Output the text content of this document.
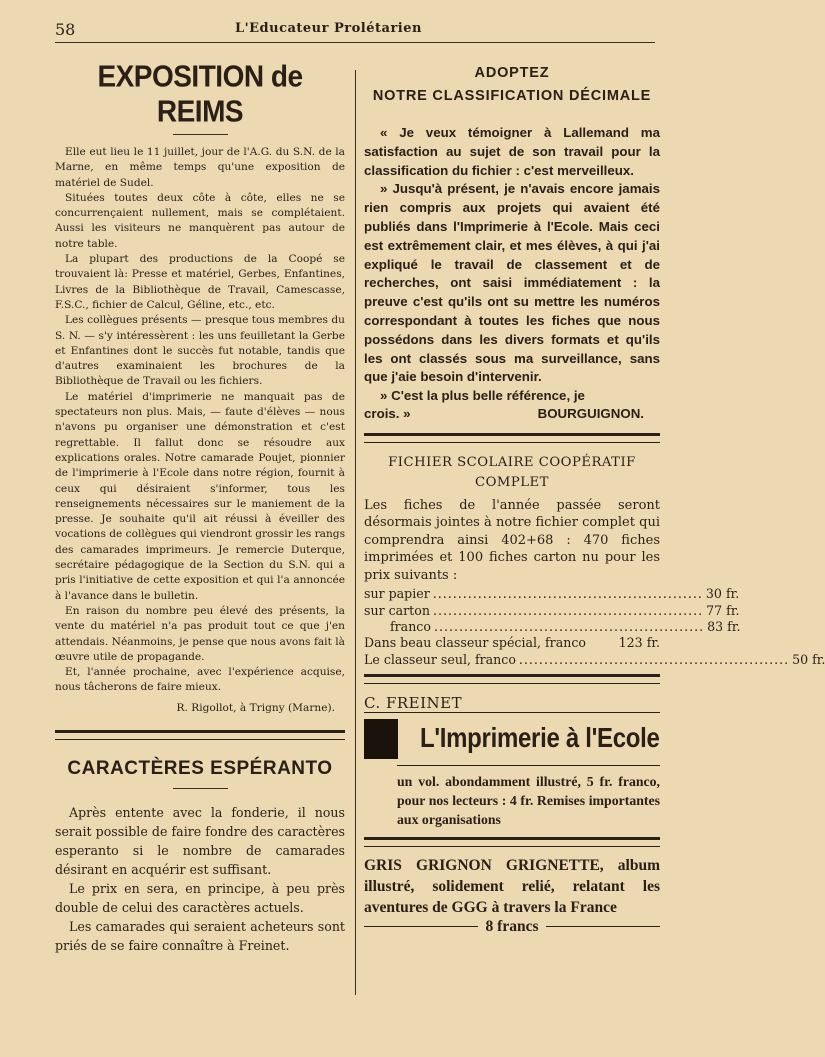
58	L'Educateur Prolétarien
EXPOSITION de REIMS

Elle eut lieu le 11 juillet, jour de l'A.G. du S.N. de la Marne, en même temps qu'une exposition de matériel de Sudel.

Situées toutes deux côte à côte, elles ne se concurrençaient nullement, mais se complétaient. Aussi les visiteurs ne manquèrent pas autour de notre table.

La plupart des productions de la Coopé se trouvaient là: Presse et matériel, Gerbes, Enfantines, Livres de la Bibliothèque de Travail, Camescasse, F.S.C., fichier de Calcul, Géline, etc., etc.

Les collègues présents — presque tous membres du S. N. — s'y intéressèrent : les uns feuilletant la Gerbe et Enfantines dont le succès fut notable, tandis que d'autres examinaient les brochures de la Bibliothèque de Travail ou les fichiers.

Le matériel d'imprimerie ne manquait pas de spectateurs non plus. Mais, — faute d'élèves — nous n'avons pu organiser une démonstration et c'est regrettable. Il fallut donc se résoudre aux explications orales. Notre camarade Poujet, pionnier de l'imprimerie à l'Ecole dans notre région, fournit à ceux qui désiraient s'informer, tous les renseignements nécessaires sur le maniement de la presse. Je souhaite qu'il ait réussi à éveiller des vocations de collègues qui viendront grossir les rangs des camarades imprimeurs. Je remercie Duterque, secrétaire pédagogique de la Section du S.N. qui a pris l'initiative de cette exposition et qui l'a annoncée à l'avance dans le bulletin.

En raison du nombre peu élevé des présents, la vente du matériel n'a pas produit tout ce que j'en attendais. Néanmoins, je pense que nous avons fait là œuvre utile de propagande.

Et, l'année prochaine, avec l'expérience acquise, nous tâcherons de faire mieux.

R. Rigollot, à Trigny (Marne).
CARACTÈRES ESPÉRANTO

Après entente avec la fonderie, il nous serait possible de faire fondre des caractères esperanto si le nombre de camarades désirant en acquérir est suffisant.

Le prix en sera, en principe, à peu près double de celui des caractères actuels.

Les camarades qui seraient acheteurs sont priés de se faire connaître à Freinet.

ADOPTEZ
NOTRE CLASSIFICATION DÉCIMALE

« Je veux témoigner à Lallemand ma satisfaction au sujet de son travail pour la classification du fichier : c'est merveilleux.

» Jusqu'à présent, je n'avais encore jamais rien compris aux projets qui avaient été publiés dans l'Imprimerie à l'Ecole. Mais ceci est extrêmement clair, et mes élèves, à qui j'ai expliqué le travail de classement et de recherches, ont saisi immédiatement : la preuve c'est qu'ils ont su mettre les numéros correspondant à toutes les fiches que nous possédons dans les divers formats et qu'ils les ont classés sous ma surveillance, sans que j'aie besoin d'intervenir.

» C'est la plus belle référence, je

crois. »	BOURGUIGNON.
FICHIER SCOLAIRE COOPÉRATIF
COMPLET
Les fiches de l'année passée seront désormais jointes à notre fichier complet qui comprendra ainsi 402+68 : 470 fiches imprimées et 100 fiches carton nu pour les prix suivants :
sur papier ...................................................... 30 fr.
sur carton ...................................................... 77 fr.
franco ...................................................... 83 fr.
Dans beau classeur spécial, franco	123 fr.
Le classeur seul, franco ...................................................... 50 fr.
C. FREINET
L'Imprimerie à l'Ecole
un vol. abondamment illustré, 5 fr. franco, pour nos lecteurs : 4 fr. Remises importantes aux organisations
GRIS GRIGNON GRIGNETTE, album illustré, solidement relié, relatant les aventures de GGG à travers la France
8 francs
